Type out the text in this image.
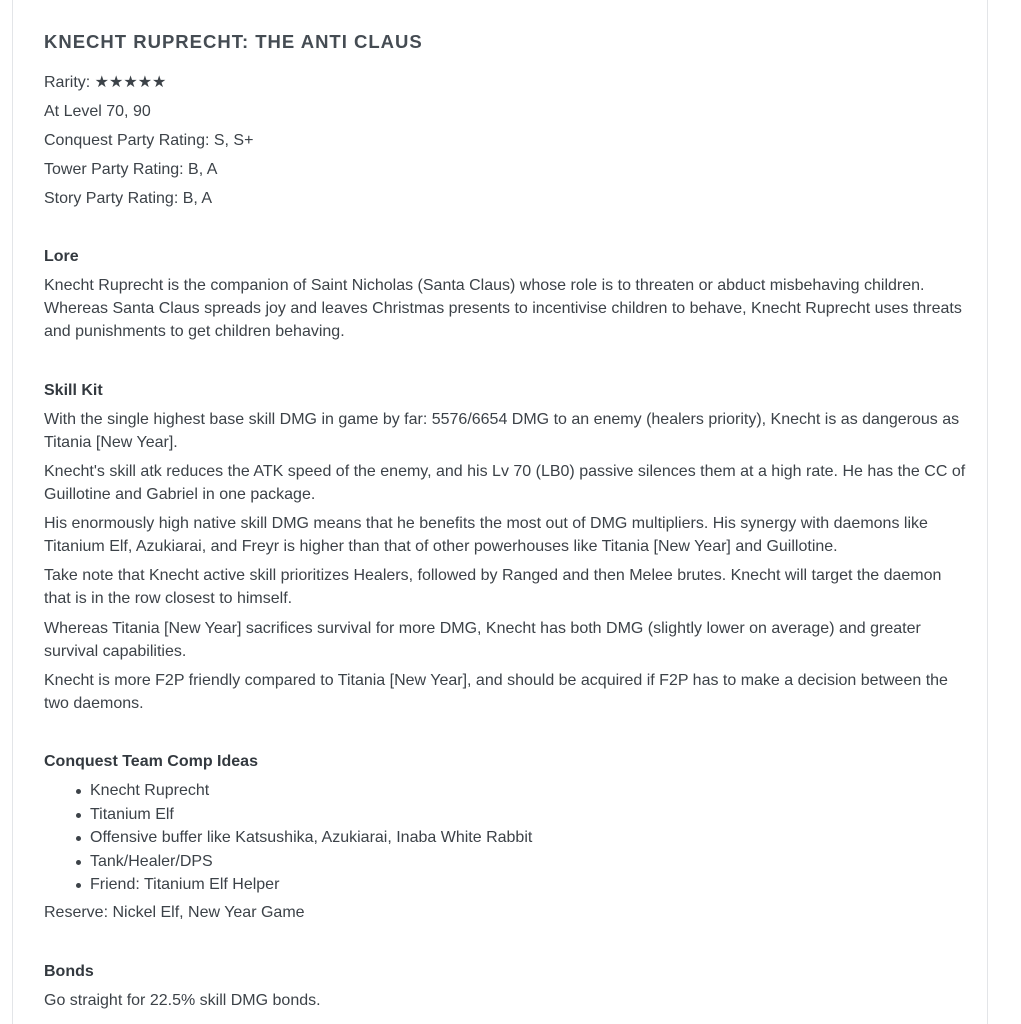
KNECHT RUPRECHT: THE ANTI CLAUS

Rarity: ★★★★★

At Level 70, 90

Conquest Party Rating: S, S+

Tower Party Rating: B, A

Story Party Rating: B, A

Lore

Knecht Ruprecht is the companion of Saint Nicholas (Santa Claus) whose role is to threaten or abduct misbehaving children.

Whereas Santa Claus spreads joy and leaves Christmas presents to incentivise children to behave, Knecht Ruprecht uses threats

and punishments to get children behaving.

Skill Kit

With the single highest base skill DMG in game by far: 5576/6654 DMG to an enemy (healers priority), Knecht is as dangerous as

Titania [New Year].

Knecht's skill atk reduces the ATK speed of the enemy, and his Lv 70 (LB0) passive silences them at a high rate. He has the CC of

Guillotine and Gabriel in one package.

His enormously high native skill DMG means that he benefits the most out of DMG multipliers. His synergy with daemons like

Titanium Elf, Azukiarai, and Freyr is higher than that of other powerhouses like Titania [New Year] and Guillotine.

Take note that Knecht active skill prioritizes Healers, followed by Ranged and then Melee brutes. Knecht will target the daemon

that is in the row closest to himself.

Whereas Titania [New Year] sacrifices survival for more DMG, Knecht has both DMG (slightly lower on average) and greater

survival capabilities.

Knecht is more F2P friendly compared to Titania [New Year], and should be acquired if F2P has to make a decision between the

two daemons.

Conquest Team Comp Ideas
Knecht Ruprecht
Titanium Elf
Offensive buffer like Katsushika, Azukiarai, Inaba White Rabbit
Tank/Healer/DPS
Friend: Titanium Elf Helper

Reserve: Nickel Elf, New Year Game

Bonds

Go straight for 22.5% skill DMG bonds.
